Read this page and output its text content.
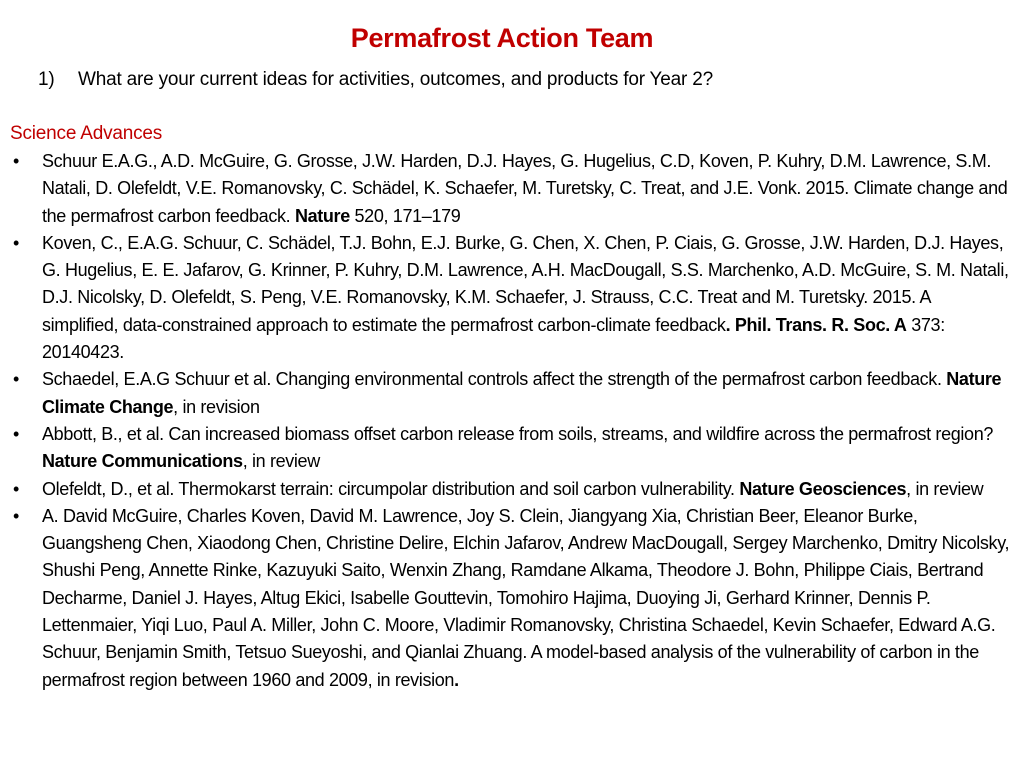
Permafrost Action Team
1) What are your current ideas for activities, outcomes, and products for Year 2?
Science Advances
• Schuur E.A.G., A.D. McGuire, G. Grosse, J.W. Harden, D.J. Hayes, G. Hugelius, C.D, Koven, P. Kuhry, D.M. Lawrence, S.M. Natali, D. Olefeldt, V.E. Romanovsky, C. Schädel, K. Schaefer, M. Turetsky, C. Treat, and J.E. Vonk. 2015. Climate change and the permafrost carbon feedback. Nature 520, 171–179
• Koven, C., E.A.G. Schuur, C. Schädel, T.J. Bohn, E.J. Burke, G. Chen, X. Chen, P. Ciais, G. Grosse, J.W. Harden, D.J. Hayes, G. Hugelius, E. E. Jafarov, G. Krinner, P. Kuhry, D.M. Lawrence, A.H. MacDougall, S.S. Marchenko, A.D. McGuire, S. M. Natali, D.J. Nicolsky, D. Olefeldt, S. Peng, V.E. Romanovsky, K.M. Schaefer, J. Strauss, C.C. Treat and M. Turetsky. 2015. A simplified, data-constrained approach to estimate the permafrost carbon-climate feedback. Phil. Trans. R. Soc. A 373: 20140423.
• Schaedel, E.A.G Schuur et al. Changing environmental controls affect the strength of the permafrost carbon feedback. Nature Climate Change, in revision
• Abbott, B., et al. Can increased biomass offset carbon release from soils, streams, and wildfire across the permafrost region? Nature Communications, in review
• Olefeldt, D., et al. Thermokarst terrain: circumpolar distribution and soil carbon vulnerability. Nature Geosciences, in review
• A. David McGuire, Charles Koven, David M. Lawrence, Joy S. Clein, Jiangyang Xia, Christian Beer, Eleanor Burke, Guangsheng Chen, Xiaodong Chen, Christine Delire, Elchin Jafarov, Andrew MacDougall, Sergey Marchenko, Dmitry Nicolsky, Shushi Peng, Annette Rinke, Kazuyuki Saito, Wenxin Zhang, Ramdane Alkama, Theodore J. Bohn, Philippe Ciais, Bertrand Decharme, Daniel J. Hayes, Altug Ekici, Isabelle Gouttevin, Tomohiro Hajima, Duoying Ji, Gerhard Krinner, Dennis P. Lettenmaier, Yiqi Luo, Paul A. Miller, John C. Moore, Vladimir Romanovsky, Christina Schaedel, Kevin Schaefer, Edward A.G. Schuur, Benjamin Smith, Tetsuo Sueyoshi, and Qianlai Zhuang. A model-based analysis of the vulnerability of carbon in the permafrost region between 1960 and 2009, in revision.
